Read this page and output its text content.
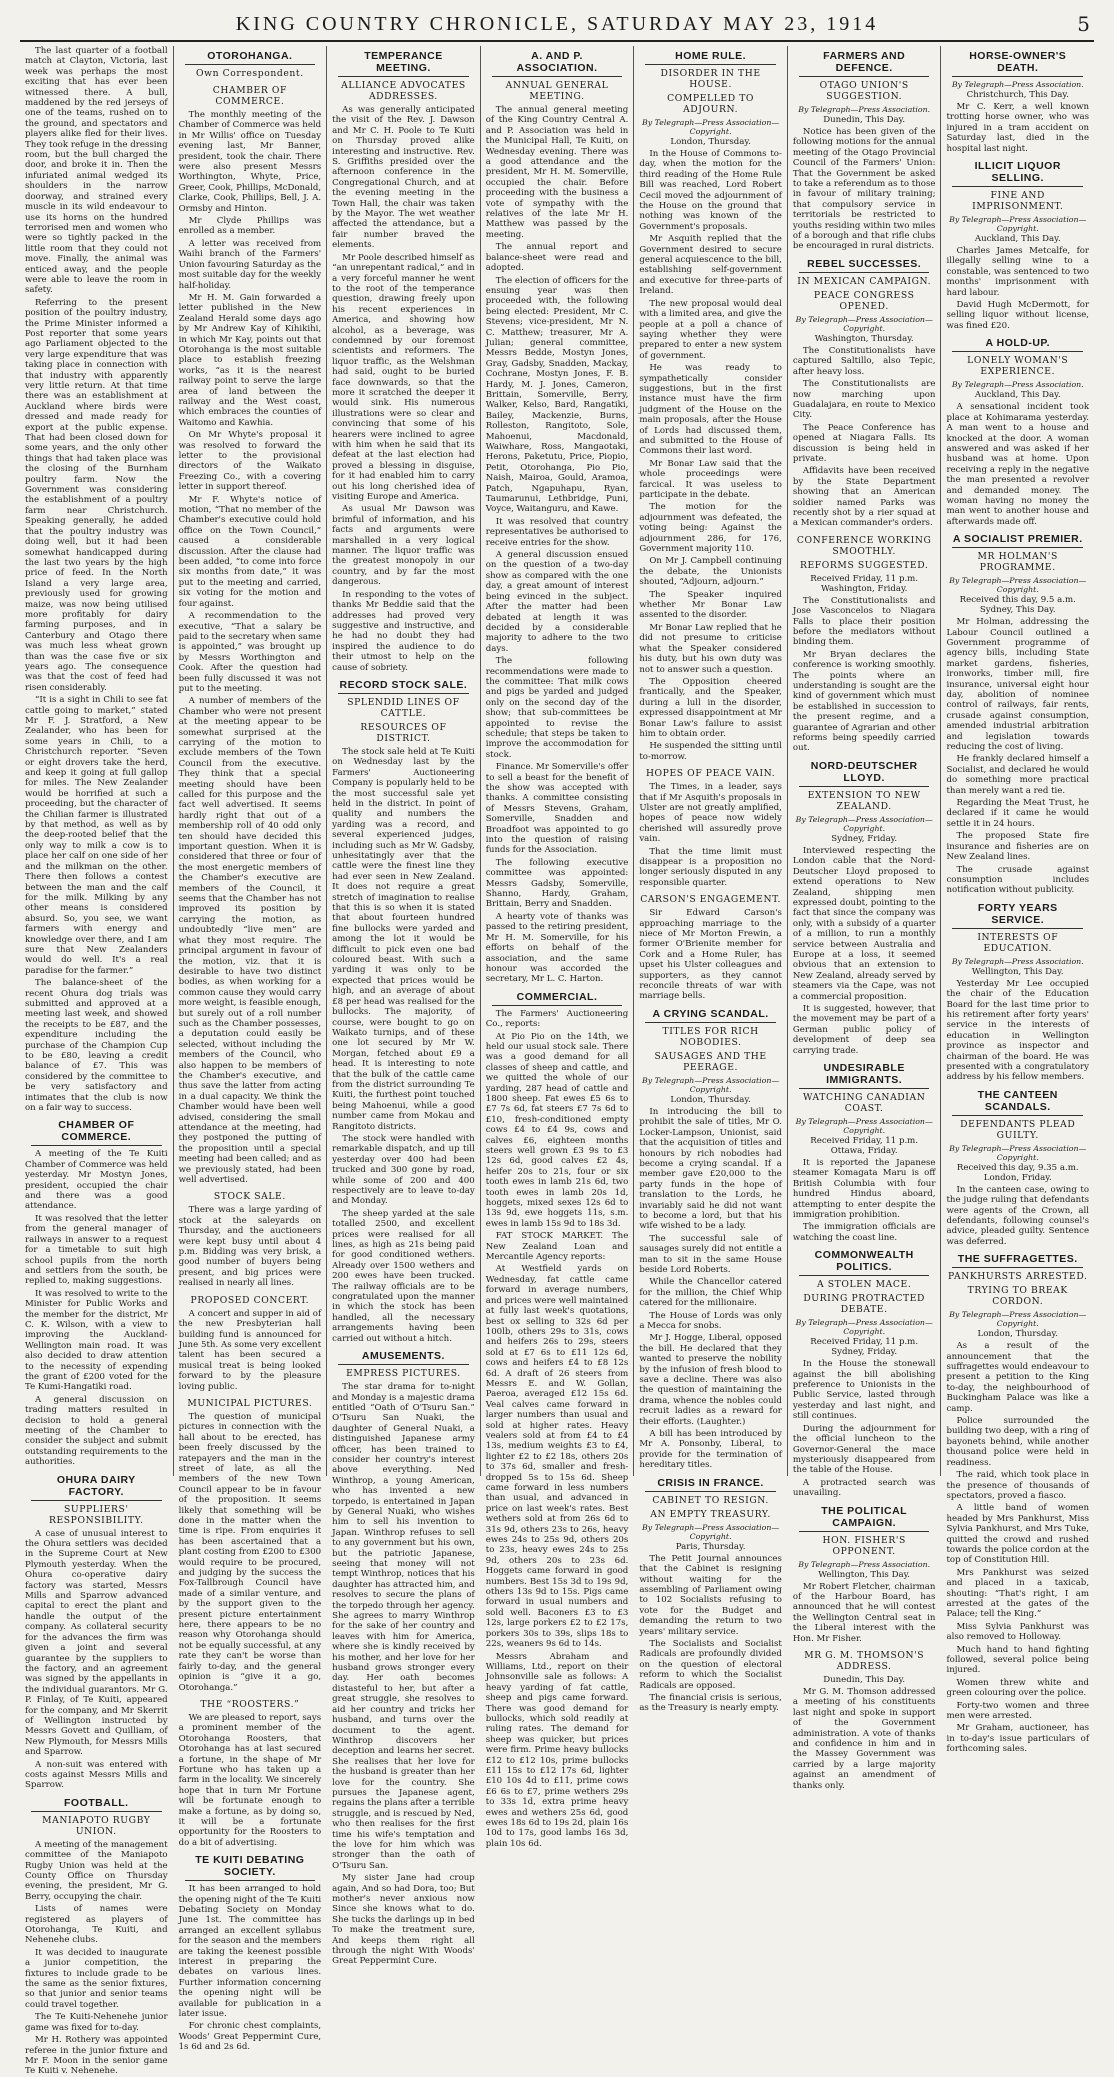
KING COUNTRY CHRONICLE, SATURDAY MAY 23, 1914	5

The last quarter of a football match at Clayton, Victoria, last week was perhaps the most exciting that has ever been witnessed there. A bull, maddened by the red jerseys of one of the teams, rushed on to the ground, and spectators and players alike fled for their lives. They took refuge in the dressing room, but the bull charged the door, and broke it in. Then the infuriated animal wedged its shoulders in the narrow doorway, and strained every muscle in its wild endeavour to use its horns on the hundred terrorised men and women who were so tightly packed in the little room that they could not move. Finally, the animal was enticed away, and the people were able to leave the room in safety.

Referring to the present position of the poultry industry, the Prime Minister informed a Post reporter that some years ago Parliament objected to the very large expenditure that was taking place in connection with that industry with apparently very little return. At that time there was an establishment at Auckland where birds were dressed and made ready for export at the public expense. That had been closed down for some years, and the only other things that had taken place was the closing of the Burnham poultry farm. Now the Government was considering the establishment of a poultry farm near Christchurch. Speaking generally, he added that the poultry industry was doing well, but it had been somewhat handicapped during the last two years by the high price of feed. In the North Island a very large area, previously used for growing maize, was now being utilised more profitably for dairy farming purposes, and in Canterbury and Otago there was much less wheat grown than was the case five or six years ago. The consequence was that the cost of feed had risen considerably.

“It is a sight in Chili to see fat cattle going to market,” stated Mr F. J. Stratford, a New Zealander, who has been for some years in Chili, to a Christchurch reporter. “Seven or eight drovers take the herd, and keep it going at full gallop for miles. The New Zealander would be horrified at such a proceeding, but the character of the Chilian farmer is illustrated by that method, as well as by the deep-rooted belief that the only way to milk a cow is to place her calf on one side of her and the milkman on the other. There then follows a contest between the man and the calf for the milk. Milking by any other means is considered absurd. So, you see, we want farmers with energy and knowledge over there, and I am sure that New Zealanders would do well. It's a real paradise for the farmer.”

The balance-sheet of the recent Ohura dog trials was submitted and approved at a meeting last week, and showed the receipts to be £87, and the expenditure including the purchase of the Champion Cup to be £80, leaving a credit balance of £7. This was considered by the committee to be very satisfactory and intimates that the club is now on a fair way to success.

CHAMBER OF COMMERCE.

A meeting of the Te Kuiti Chamber of Commerce was held yesterday. Mr Mostyn Jones, president, occupied the chair and there was a good attendance.

It was resolved that the letter from the general manager of railways in answer to a request for a timetable to suit high school pupils from the north and settlers from the south, be replied to, making suggestions.

It was resolved to write to the Minister for Public Works and the member for the district, Mr C. K. Wilson, with a view to improving the Auckland-Wellington main road. It was also decided to draw attention to the necessity of expending the grant of £200 voted for the Te Kumi-Hangatiki road.

A general discussion on trading matters resulted in decision to hold a general meeting of the Chamber to consider the subject and submit outstanding requirements to the authorities.

OHURA DAIRY FACTORY.
SUPPLIERS' RESPONSIBILITY.

A case of unusual interest to the Ohura settlers was decided in the Supreme Court at New Plymouth yesterday. When the Ohura co-operative dairy factory was started, Messrs Mills and Sparrow advanced capital to erect the plant and handle the output of the company. As collateral security for the advances the firm was given a joint and several guarantee by the suppliers to the factory, and an agreement was signed by the appellants in the individual guarantors. Mr G. P. Finlay, of Te Kuiti, appeared for the company, and Mr Skerrit of Wellington instructed by Messrs Govett and Quilliam, of New Plymouth, for Messrs Mills and Sparrow.

A non-suit was entered with costs against Messrs Mills and Sparrow.

FOOTBALL.
MANIAPOTO RUGBY UNION.

A meeting of the management committee of the Maniapoto Rugby Union was held at the County Office on Thursday evening, the president, Mr G. Berry, occupying the chair.

Lists of names were registered as players of Otorohanga, Te Kuiti, and Nehenehe clubs.

It was decided to inaugurate a junior competition, the fixtures to include grade to be the same as the senior fixtures, so that junior and senior teams could travel together.

The Te Kuiti-Nehenehe junior game was fixed for to-day.

Mr H. Rothery was appointed referee in the junior fixture and Mr F. Moon in the senior game Te Kuiti v. Nehenehe.

OTOROHANGA.
Own Correspondent.
CHAMBER OF COMMERCE.

The monthly meeting of the Chamber of Commerce was held in Mr Willis' office on Tuesday evening last, Mr Banner, president, took the chair. There were also present Messrs Worthington, Whyte, Price, Greer, Cook, Phillips, McDonald, Clarke, Cook, Phillips, Bell, J. A. Ormsby and Hinton.

Mr Clyde Phillips was enrolled as a member.

A letter was received from Waihi branch of the Farmers' Union favouring Saturday as the most suitable day for the weekly half-holiday.

Mr H. M. Gain forwarded a letter published in the New Zealand Herald some days ago by Mr Andrew Kay of Kihikihi, in which Mr Kay, points out that Otorohanga is the most suitable place to establish freezing works, “as it is the nearest railway point to serve the large area of land between the railway and the West coast, which embraces the counties of Waitomo and Kawhia.

On Mr Whyte's proposal it was resolved to forward the letter to the provisional directors of the Waikato Freezing Co., with a covering letter in support thereof.

Mr F. Whyte's notice of motion, “That no member of the Chamber's executive could hold office on the Town Council,” caused a considerable discussion. After the clause had been added, “to come into force six months from date,” it was put to the meeting and carried, six voting for the motion and four against.

A recommendation to the executive, “That a salary be paid to the secretary when same is appointed,” was brought up by Messrs Worthington and Cook. After the question had been fully discussed it was not put to the meeting.

A number of members of the Chamber who were not present at the meeting appear to be somewhat surprised at the carrying of the motion to exclude members of the Town Council from the executive. They think that a special meeting should have been called for this purpose and the fact well advertised. It seems hardly right that out of a membership roll of 40 odd only ten should have decided this important question. When it is considered that three or four of the most energetic members of the Chamber's executive are members of the Council, it seems that the Chamber has not improved its position by carrying the motion, as undoubtedly “live men” are what they most require. The principal argument in favour of the motion, viz. that it is desirable to have two distinct bodies, as when working for a common cause they would carry more weight, is feasible enough, but surely out of a roll number such as the Chamber possesses, a deputation could easily be selected, without including the members of the Council, who also happen to be members of the Chamber's executive, and thus save the latter from acting in a dual capacity. We think the Chamber would have been well advised, considering the small attendance at the meeting, had they postponed the putting of the proposition until a special meeting had been called; and as we previously stated, had been well advertised.

STOCK SALE.

There was a large yarding of stock at the saleyards on Thursday, and the auctioneers were kept busy until about 4 p.m. Bidding was very brisk, a good number of buyers being present, and big prices were realised in nearly all lines.

PROPOSED CONCERT.

A concert and supper in aid of the new Presbyterian hall building fund is announced for June 5th. As some very excellent talent has been secured a musical treat is being looked forward to by the pleasure loving public.

MUNICIPAL PICTURES.

The question of municipal pictures in connection with the hall about to be erected, has been freely discussed by the ratepayers and the man in the street of late, as all the members of the new Town Council appear to be in favour of the proposition. It seems likely that something will be done in the matter when the time is ripe. From enquiries it has been ascertained that a plant costing from £200 to £300 would require to be procured, and judging by the success the Fox-Tallbrough Council have made of a similar venture, and by the support given to the present picture entertainment here, there appears to be no reason why Otorohanga should not be equally successful, at any rate they can't be worse than fairly to-day, and the general opinion is “give it a go, Otorohanga.”

THE “ROOSTERS.”

We are pleased to report, says a prominent member of the Otorohanga Roosters, that Otorohanga has at last secured a fortune, in the shape of Mr Fortune who has taken up a farm in the locality. We sincerely hope that in turn Mr Fortune will be fortunate enough to make a fortune, as by doing so, it will be a fortunate opportunity for the Roosters to do a bit of advertising.

TE KUITI DEBATING SOCIETY.

It has been arranged to hold the opening night of the Te Kuiti Debating Society on Monday June 1st. The committee has arranged an excellent syllabus for the season and the members are taking the keenest possible interest in preparing the debates on various lines. Further information concerning the opening night will be available for publication in a later issue.

For chronic chest complaints, Woods' Great Peppermint Cure, 1s 6d and 2s 6d.

TEMPERANCE MEETING.
ALLIANCE ADVOCATES ADDRESSES.

As was generally anticipated the visit of the Rev. J. Dawson and Mr C. H. Poole to Te Kuiti on Thursday proved alike interesting and instructive. Rev. S. Griffiths presided over the afternoon conference in the Congregational Church, and at the evening meeting in the Town Hall, the chair was taken by the Mayor. The wet weather affected the attendance, but a fair number braved the elements.

Mr Poole described himself as “an unrepentant radical,” and in a very forceful manner he went to the root of the temperance question, drawing freely upon his recent experiences in America, and showing how alcohol, as a beverage, was condemned by our foremost scientists and reformers. The liquor traffic, as the Welshman had said, ought to be buried face downwards, so that the more it scratched the deeper it would sink. His numerous illustrations were so clear and convincing that some of his hearers were inclined to agree with him when he said that its defeat at the last election had proved a blessing in disguise, for it had enabled him to carry out his long cherished idea of visiting Europe and America.

As usual Mr Dawson was brimful of information, and his facts and arguments were marshalled in a very logical manner. The liquor traffic was the greatest monopoly in our country, and by far the most dangerous.

In responding to the votes of thanks Mr Beddie said that the addresses had proved very suggestive and instructive, and he had no doubt they had inspired the audience to do their utmost to help on the cause of sobriety.

RECORD STOCK SALE.
SPLENDID LINES OF CATTLE.
RESOURCES OF DISTRICT.

The stock sale held at Te Kuiti on Wednesday last by the Farmers' Auctioneering Company is popularly held to be the most successful sale yet held in the district. In point of quality and numbers the yarding was a record, and several experienced judges, including such as Mr W. Gadsby, unhesitatingly aver that the cattle were the finest line they had ever seen in New Zealand. It does not require a great stretch of imagination to realise that this is so when it is stated that about fourteen hundred fine bullocks were yarded and among the lot it would be difficult to pick even one bad coloured beast. With such a yarding it was only to be expected that prices would be high, and an average of about £8 per head was realised for the bullocks. The majority, of course, were bought to go on Waikato turnips, and of these one lot secured by Mr W. Morgan, fetched about £9 a head. It is interesting to note that the bulk of the cattle came from the district surrounding Te Kuiti, the furthest point touched being Mahoenui, while a good number came from Mokau and Rangitoto districts.

The stock were handled with remarkable dispatch, and up till yesterday over 400 had been trucked and 300 gone by road, while some of 200 and 400 respectively are to leave to-day and Monday.

The sheep yarded at the sale totalled 2500, and excellent prices were realised for all lines, as high as 21s being paid for good conditioned wethers. Already over 1500 wethers and 200 ewes have been trucked. The railway officials are to be congratulated upon the manner in which the stock has been handled, all the necessary arrangements having been carried out without a hitch.

AMUSEMENTS.
EMPRESS PICTURES.

The star drama for to-night and Monday is a majestic drama entitled “Oath of O'Tsuru San.” O'Tsuru San Nuaki, the daughter of General Nuaki, a distinguished Japanese army officer, has been trained to consider her country's interest above everything. Ned Winthrop, a young American, who has invented a new torpedo, is entertained in Japan by General Nuaki, who wishes him to sell his invention to Japan. Winthrop refuses to sell to any government but his own, but the patriotic Japanese, seeing that money will not tempt Winthrop, notices that his daughter has attracted him, and resolves to secure the plans of the torpedo through her agency. She agrees to marry Winthrop for the sake of her country and leaves with him for America, where she is kindly received by his mother, and her love for her husband grows stronger every day. Her oath becomes distasteful to her, but after a great struggle, she resolves to aid her country and tricks her husband, and turns over the document to the agent. Winthrop discovers her deception and learns her secret. She realises that her love for the husband is greater than her love for the country. She pursues the Japanese agent, regains the plans after a terrible struggle, and is rescued by Ned, who then realises for the first time his wife's temptation and the love for him which was stronger than the oath of O'Tsuru San.

My sister Jane had croup again, And so had Dora, too; But mother's never anxious now Since she knows what to do. She tucks the darlings up in bed To make the treatment sure, And keeps them right all through the night With Woods' Great Peppermint Cure.

A. AND P. ASSOCIATION.
ANNUAL GENERAL MEETING.

The annual general meeting of the King Country Central A. and P. Association was held in the Municipal Hall, Te Kuiti, on Wednesday evening. There was a good attendance and the president, Mr H. M. Somerville, occupied the chair. Before proceeding with the business a vote of sympathy with the relatives of the late Mr H. Matthew was passed by the meeting.

The annual report and balance-sheet were read and adopted.

The election of officers for the ensuing year was then proceeded with, the following being elected: President, Mr C. Stevens; vice-president, Mr N. C. Matthew; treasurer, Mr A. Julian; general committee, Messrs Bedde, Mostyn Jones, Gray, Gadsby, Snadden, Mackay, Cochrane, Mostyn Jones, F. B. Hardy, M. J. Jones, Cameron, Brittain, Somerville, Berry, Walker, Kelso, Bard, Rangatiki, Bailey, Mackenzie, Burns, Rolleston, Rangitoto, Sole, Mahoenui, Macdonald, Waiwhare, Ross, Mangaotaki, Herons, Paketutu, Price, Piopio, Petit, Otorohanga, Pio Pio, Naish, Mairoa, Gould, Aramoa, Patch, Ngapuhapu, Ryan, Taumarunui, Lethbridge, Puni, Voyce, Waitanguru, and Kawe.

It was resolved that country representatives be authorised to receive entries for the show.

A general discussion ensued on the question of a two-day show as compared with the one day, a great amount of interest being evinced in the subject. After the matter had been debated at length it was decided by a considerable majority to adhere to the two days.

The following recommendations were made to the committee: That milk cows and pigs be yarded and judged only on the second day of the show; that sub-committees be appointed to revise the schedule; that steps be taken to improve the accommodation for stock.

Finance. Mr Somerville's offer to sell a beast for the benefit of the show was accepted with thanks. A committee consisting of Messrs Stevens, Graham, Somerville, Snadden and Broadfoot was appointed to go into the question of raising funds for the Association.

The following executive committee was appointed: Messrs Gadsby, Somerville, Shanno, Hardy, Graham, Brittain, Berry and Snadden.

A hearty vote of thanks was passed to the retiring president, Mr H. M. Somerville, for his efforts on behalf of the association, and the same honour was accorded the secretary, Mr L. C. Harton.

COMMERCIAL.

The Farmers' Auctioneering Co., reports:

At Pio Pio on the 14th, we held our usual stock sale. There was a good demand for all classes of sheep and cattle, and we quitted the whole of our yarding, 287 head of cattle and 1800 sheep. Fat ewes £5 6s to £7 7s 6d, fat steers £7 7s 6d to £10, fresh-conditioned empty cows £4 to £4 9s, cows and calves £6, eighteen months steers well grown £3 9s to £3 12s 6d, good calves £2 4s, heifer 20s to 21s, four or six tooth ewes in lamb 21s 6d, two tooth ewes in lamb 20s 1d, hoggets, mixed sexes 12s 6d to 13s 9d, ewe hoggets 11s, s.m. ewes in lamb 15s 9d to 18s 3d.

FAT STOCK MARKET. The New Zealand Loan and Mercantile Agency reports:

At Westfield yards on Wednesday, fat cattle came forward in average numbers, and prices were well maintained at fully last week's quotations, best ox selling to 32s 6d per 100lb, others 29s to 31s, cows and heifers 26s to 29s, steers sold at £7 6s to £11 12s 6d, cows and heifers £4 to £8 12s 6d. A draft of 26 steers from Messrs E. and W. Gollan, Paeroa, averaged £12 15s 6d. Veal calves came forward in larger numbers than usual and sold at higher rates. Heavy vealers sold at from £4 to £4 13s, medium weights £3 to £4, lighter £2 to £2 18s, others 20s to 37s 6d, smaller and fresh-dropped 5s to 15s 6d. Sheep came forward in less numbers than usual, and advanced in price on last week's rates. Best wethers sold at from 26s 6d to 31s 9d, others 23s to 26s, heavy ewes 24s to 25s 9d, others 20s to 23s, heavy ewes 24s to 25s 9d, others 20s to 23s 6d. Hoggets came forward in good numbers. Best 15s 3d to 19s 9d, others 13s 9d to 15s. Pigs came forward in usual numbers and sold well. Baconers £3 to £3 12s, large porkers £2 to £2 17s, porkers 30s to 39s, slips 18s to 22s, weaners 9s 6d to 14s.

Messrs Abraham and Williams, Ltd., report on their Johnsonville sale as follows: A heavy yarding of fat cattle, sheep and pigs came forward. There was good demand for bullocks, which sold readily at ruling rates. The demand for sheep was quicker, but prices were firm. Prime heavy bullocks £12 to £12 10s, prime bullocks £11 15s to £12 17s 6d, lighter £10 10s 4d to £11, prime cows £6 6s to £7, prime wethers 29s to 33s 1d, extra prime heavy ewes and wethers 25s 6d, good ewes 18s 6d to 19s 2d, plain 16s 10d to 17s, good lambs 16s 3d, plain 10s 6d.

HOME RULE.
DISORDER IN THE HOUSE.
COMPELLED TO ADJOURN.
By Telegraph—Press Association—Copyright.
London, Thursday.

In the House of Commons to-day, when the motion for the third reading of the Home Rule Bill was reached, Lord Robert Cecil moved the adjournment of the House on the ground that nothing was known of the Government's proposals.

Mr Asquith replied that the Government desired to secure general acquiescence to the bill, establishing self-government and executive for three-parts of Ireland.

The new proposal would deal with a limited area, and give the people at a poll a chance of saying whether they were prepared to enter a new system of government.

He was ready to sympathetically consider suggestions, but in the first instance must have the firm judgment of the House on the main proposals, after the House of Lords had discussed them, and submitted to the House of Commons their last word.

Mr Bonar Law said that the whole proceedings were farcical. It was useless to participate in the debate.

The motion for the adjournment was defeated, the voting being: Against the adjournment 286, for 176, Government majority 110.

On Mr J. Campbell continuing the debate, the Unionists shouted, “Adjourn, adjourn.”

The Speaker inquired whether Mr Bonar Law assented to the disorder.

Mr Bonar Law replied that he did not presume to criticise what the Speaker considered his duty, but his own duty was not to answer such a question.

The Opposition cheered frantically, and the Speaker, during a lull in the disorder, expressed disappointment at Mr Bonar Law's failure to assist him to obtain order.

He suspended the sitting until to-morrow.

HOPES OF PEACE VAIN.

The Times, in a leader, says that if Mr Asquith's proposals in Ulster are not greatly amplified, hopes of peace now widely cherished will assuredly prove vain.

That the time limit must disappear is a proposition no longer seriously disputed in any responsible quarter.

CARSON'S ENGAGEMENT.

Sir Edward Carson's approaching marriage to the niece of Mr Morton Frewin, a former O'Brienite member for Cork and a Home Ruler, has upset his Ulster colleagues and supporters, as they cannot reconcile threats of war with marriage bells.

A CRYING SCANDAL.
TITLES FOR RICH NOBODIES.
SAUSAGES AND THE PEERAGE.
By Telegraph—Press Association—Copyright.
London, Thursday.

In introducing the bill to prohibit the sale of titles, Mr O. Locker-Lampson, Unionist, said that the acquisition of titles and honours by rich nobodies had become a crying scandal. If a member gave £20,000 to the party funds in the hope of translation to the Lords, he invariably said he did not want to become a lord, but that his wife wished to be a lady.

The successful sale of sausages surely did not entitle a man to sit in the same House beside Lord Roberts.

While the Chancellor catered for the million, the Chief Whip catered for the millionaire.

The House of Lords was only a Mecca for snobs.

Mr J. Hogge, Liberal, opposed the bill. He declared that they wanted to preserve the nobility by the infusion of fresh blood to save a decline. There was also the question of maintaining the drama, whence the nobles could recruit ladies as a reward for their efforts. (Laughter.)

A bill has been introduced by Mr A. Ponsonby, Liberal, to provide for the termination of hereditary titles.

CRISIS IN FRANCE.
CABINET TO RESIGN.
AN EMPTY TREASURY.
By Telegraph—Press Association—Copyright.
Paris, Thursday.

The Petit Journal announces that the Cabinet is resigning without waiting for the assembling of Parliament owing to 102 Socialists refusing to vote for the Budget and demanding the return to two years' military service.

The Socialists and Socialist Radicals are profoundly divided on the question of electoral reform to which the Socialist Radicals are opposed.

The financial crisis is serious, as the Treasury is nearly empty.

FARMERS AND DEFENCE.
OTAGO UNION'S SUGGESTION.
By Telegraph—Press Association.
Dunedin, This Day.

Notice has been given of the following motions for the annual meeting of the Otago Provincial Council of the Farmers' Union: That the Government be asked to take a referendum as to those in favour of military training; that compulsory service in territorials be restricted to youths residing within two miles of a borough and that rifle clubs be encouraged in rural districts.

REBEL SUCCESSES.
IN MEXICAN CAMPAIGN.
PEACE CONGRESS OPENED.
By Telegraph—Press Association—Copyright.
Washington, Thursday.

The Constitutionalists have captured Saltillo, also Tepic, after heavy loss.

The Constitutionalists are now marching upon Guadalajara, en route to Mexico City.

The Peace Conference has opened at Niagara Falls. Its discussion is being held in private.

Affidavits have been received by the State Department showing that an American soldier named Parks was recently shot by a rier squad at a Mexican commander's orders.

CONFERENCE WORKING SMOOTHLY.
REFORMS SUGGESTED.
Received Friday, 11 p.m. Washington, Friday.

The Constitutionalists and Jose Vasconcelos to Niagara Falls to place their position before the mediators without binding them.

Mr Bryan declares the conference is working smoothly. The points where an understanding is sought are the kind of government which must be established in succession to the present regime, and a guarantee of Agrarian and other reforms being speedily carried out.

NORD-DEUTSCHER LLOYD.
EXTENSION TO NEW ZEALAND.
By Telegraph—Press Association—Copyright.
Sydney, Friday.

Interviewed respecting the London cable that the Nord-Deutscher Lloyd proposed to extend operations to New Zealand, shipping men expressed doubt, pointing to the fact that since the company was only, with a subsidy of a quarter of a million, to run a monthly service between Australia and Europe at a loss, it seemed obvious that an extension to New Zealand, already served by steamers via the Cape, was not a commercial proposition.

It is suggested, however, that the movement may be part of a German public policy of development of deep sea carrying trade.

UNDESIRABLE IMMIGRANTS.
WATCHING CANADIAN COAST.
By Telegraph—Press Association—Copyright.
Received Friday, 11 p.m. Ottawa, Friday.

It is reported the Japanese steamer Komagata Maru is off British Columbia with four hundred Hindus aboard, attempting to enter despite the immigration prohibition.

The immigration officials are watching the coast line.

COMMONWEALTH POLITICS.
A STOLEN MACE.
DURING PROTRACTED DEBATE.
By Telegraph—Press Association—Copyright.
Received Friday, 11 p.m. Sydney, Friday.

In the House the stonewall against the bill abolishing preference to Unionists in the Public Service, lasted through yesterday and last night, and still continues.

During the adjournment for the official luncheon to the Governor-General the mace mysteriously disappeared from the table of the House.

A protracted search was unavailing.

THE POLITICAL CAMPAIGN.
HON. FISHER'S OPPONENT.
By Telegraph—Press Association.
Wellington, This Day.

Mr Robert Fletcher, chairman of the Harbour Board, has announced that he will contest the Wellington Central seat in the Liberal interest with the Hon. Mr Fisher.

MR G. M. THOMSON'S ADDRESS.
Dunedin, This Day.

Mr G. M. Thomson addressed a meeting of his constituents last night and spoke in support of the Government administration. A vote of thanks and confidence in him and in the Massey Government was carried by a large majority against an amendment of thanks only.

HORSE-OWNER'S DEATH.
By Telegraph—Press Association.
Christchurch, This Day.

Mr C. Kerr, a well known trotting horse owner, who was injured in a tram accident on Saturday last, died in the hospital last night.

ILLICIT LIQUOR SELLING.
FINE AND IMPRISONMENT.
By Telegraph—Press Association—Copyright.
Auckland, This Day.

Charles James Metcalfe, for illegally selling wine to a constable, was sentenced to two months' imprisonment with hard labour.

David Hugh McDermott, for selling liquor without license, was fined £20.

A HOLD-UP.
LONELY WOMAN'S EXPERIENCE.
By Telegraph—Press Association.
Auckland, This Day.

A sensational incident took place at Kohimarama yesterday. A man went to a house and knocked at the door. A woman answered and was asked if her husband was at home. Upon receiving a reply in the negative the man presented a revolver and demanded money. The woman having no money the man went to another house and afterwards made off.

A SOCIALIST PREMIER.
MR HOLMAN'S PROGRAMME.
By Telegraph—Press Association—Copyright.
Received this day, 9.5 a.m. Sydney, This Day.

Mr Holman, addressing the Labour Council outlined a Government programme of agency bills, including State market gardens, fisheries, ironworks, timber mill, fire insurance, universal eight hour day, abolition of nominee control of railways, fair rents, crusade against consumption, amended industrial arbitration and legislation towards reducing the cost of living.

He frankly declared himself a Socialist, and declared he would do something more practical than merely want a red tie.

Regarding the Meat Trust, he declared if it came he would settle it in 24 hours.

The proposed State fire insurance and fisheries are on New Zealand lines.

The crusade against consumption includes notification without publicity.

FORTY YEARS SERVICE.
INTERESTS OF EDUCATION.
By Telegraph—Press Association.
Wellington, This Day.

Yesterday Mr Lee occupied the chair of the Education Board for the last time prior to his retirement after forty years' service in the interests of education in Wellington province as inspector and chairman of the board. He was presented with a congratulatory address by his fellow members.

THE CANTEEN SCANDALS.
DEFENDANTS PLEAD GUILTY.
By Telegraph—Press Association—Copyright.
Received this day, 9.35 a.m. London, Friday.

In the canteen case, owing to the judge ruling that defendants were agents of the Crown, all defendants, following counsel's advice, pleaded guilty. Sentence was deferred.

THE SUFFRAGETTES.
PANKHURSTS ARRESTED.
TRYING TO BREAK CORDON.
By Telegraph—Press Association—Copyright.
London, Thursday.

As a result of the announcement that the suffragettes would endeavour to present a petition to the King to-day, the neighbourhood of Buckingham Palace was like a camp.

Police surrounded the building two deep, with a ring of bayonets behind, while another thousand police were held in readiness.

The raid, which took place in the presence of thousands of spectators, proved a fiasco.

A little band of women headed by Mrs Pankhurst, Miss Sylvia Pankhurst, and Mrs Tuke, quitted the crowd and rushed towards the police cordon at the top of Constitution Hill.

Mrs Pankhurst was seized and placed in a taxicab, shouting: “That's right, I am arrested at the gates of the Palace; tell the King.”

Miss Sylvia Pankhurst was also removed to Holloway.

Much hand to hand fighting followed, several police being injured.

Women threw white and green colouring over the police.

Forty-two women and three men were arrested.

Mr Graham, auctioneer, has in to-day's issue particulars of forthcoming sales.
